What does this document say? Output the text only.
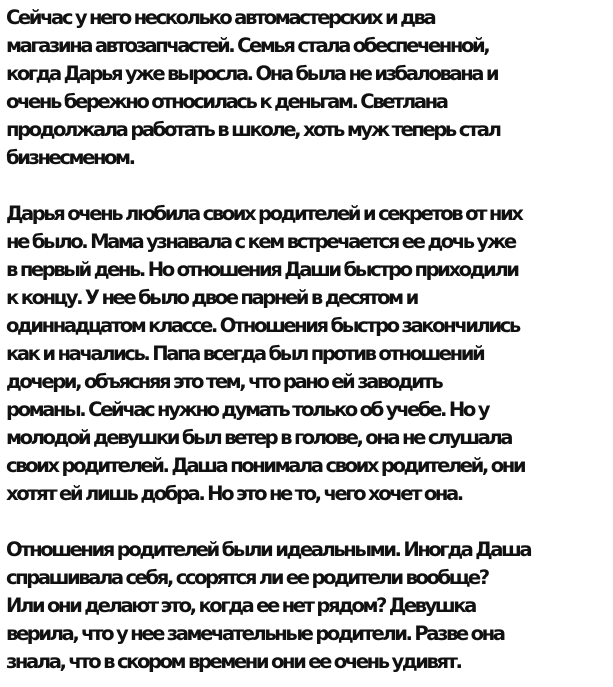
Сейчас у него несколько автомастерских и два
магазина автозапчастей. Семья стала обеспеченной,
когда Дарья уже выросла. Она была не избалована и
очень бережно относилась к деньгам. Светлана
продолжала работать в школе, хоть муж теперь стал
бизнесменом.
Дарья очень любила своих родителей и секретов от них
не было. Мама узнавала с кем встречается ее дочь уже
в первый день. Но отношения Даши быстро приходили
к концу. У нее было двое парней в десятом и
одиннадцатом классе. Отношения быстро закончились
как и начались. Папа всегда был против отношений
дочери, объясняя это тем, что рано ей заводить
романы. Сейчас нужно думать только об учебе. Но у
молодой девушки был ветер в голове, она не слушала
своих родителей. Даша понимала своих родителей, они
хотят ей лишь добра. Но это не то, чего хочет она.
Отношения родителей были идеальными. Иногда Даша
спрашивала себя, ссорятся ли ее родители вообще?
Или они делают это, когда ее нет рядом? Девушка
верила, что у нее замечательные родители. Разве она
знала, что в скором времени они ее очень удивят.
